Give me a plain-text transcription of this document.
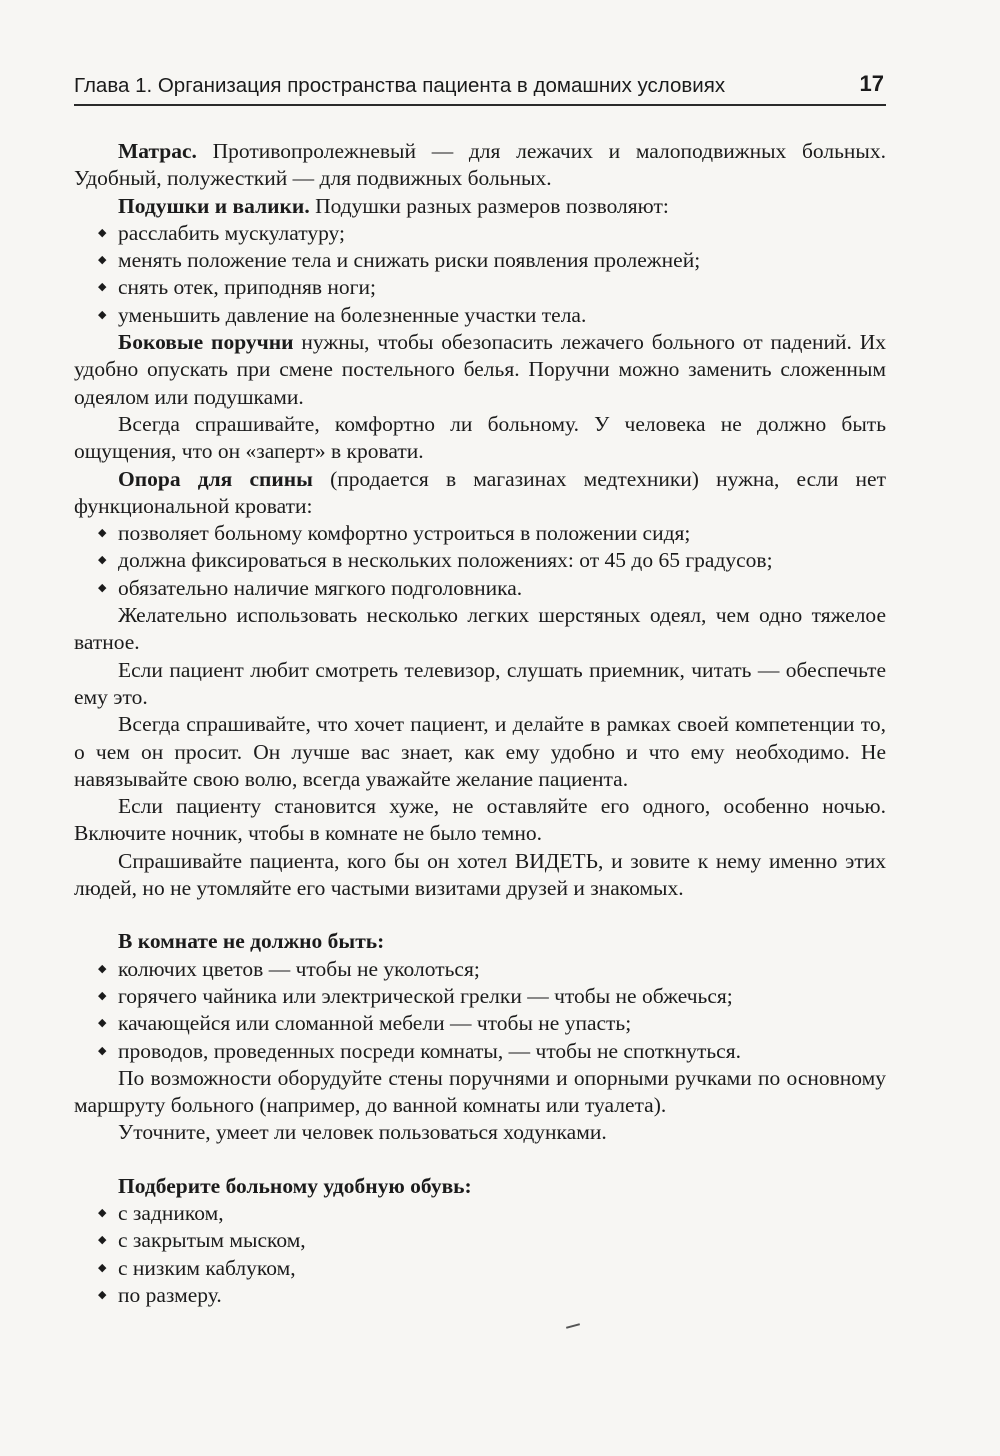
Глава 1. Организация пространства пациента в домашних условиях	17

Матрас. Противопролежневый — для лежачих и малоподвижных больных. Удобный, полужесткий — для подвижных больных.

Подушки и валики. Подушки разных размеров позволяют:

◆ расслабить мускулатуру;
◆ менять положение тела и снижать риски появления пролежней;
◆ снять отек, приподняв ноги;
◆ уменьшить давление на болезненные участки тела.

Боковые поручни нужны, чтобы обезопасить лежачего больного от падений. Их удобно опускать при смене постельного белья. Поручни можно заменить сложенным одеялом или подушками.

Всегда спрашивайте, комфортно ли больному. У человека не должно быть ощущения, что он «заперт» в кровати.

Опора для спины (продается в магазинах медтехники) нужна, если нет функциональной кровати:

◆ позволяет больному комфортно устроиться в положении сидя;
◆ должна фиксироваться в нескольких положениях: от 45 до 65 градусов;
◆ обязательно наличие мягкого подголовника.

Желательно использовать несколько легких шерстяных одеял, чем одно тяжелое ватное.

Если пациент любит смотреть телевизор, слушать приемник, читать — обеспечьте ему это.

Всегда спрашивайте, что хочет пациент, и делайте в рамках своей компетенции то, о чем он просит. Он лучше вас знает, как ему удобно и что ему необходимо. Не навязывайте свою волю, всегда уважайте желание пациента.

Если пациенту становится хуже, не оставляйте его одного, особенно ночью. Включите ночник, чтобы в комнате не было темно.

Спрашивайте пациента, кого бы он хотел ВИДЕТЬ, и зовите к нему именно этих людей, но не утомляйте его частыми визитами друзей и знакомых.

В комнате не должно быть:

◆ колючих цветов — чтобы не уколоться;
◆ горячего чайника или электрической грелки — чтобы не обжечься;
◆ качающейся или сломанной мебели — чтобы не упасть;
◆ проводов, проведенных посреди комнаты, — чтобы не споткнуться.

По возможности оборудуйте стены поручнями и опорными ручками по основному маршруту больного (например, до ванной комнаты или туалета).

Уточните, умеет ли человек пользоваться ходунками.

Подберите больному удобную обувь:

◆ с задником,
◆ с закрытым мыском,
◆ с низким каблуком,
◆ по размеру.
